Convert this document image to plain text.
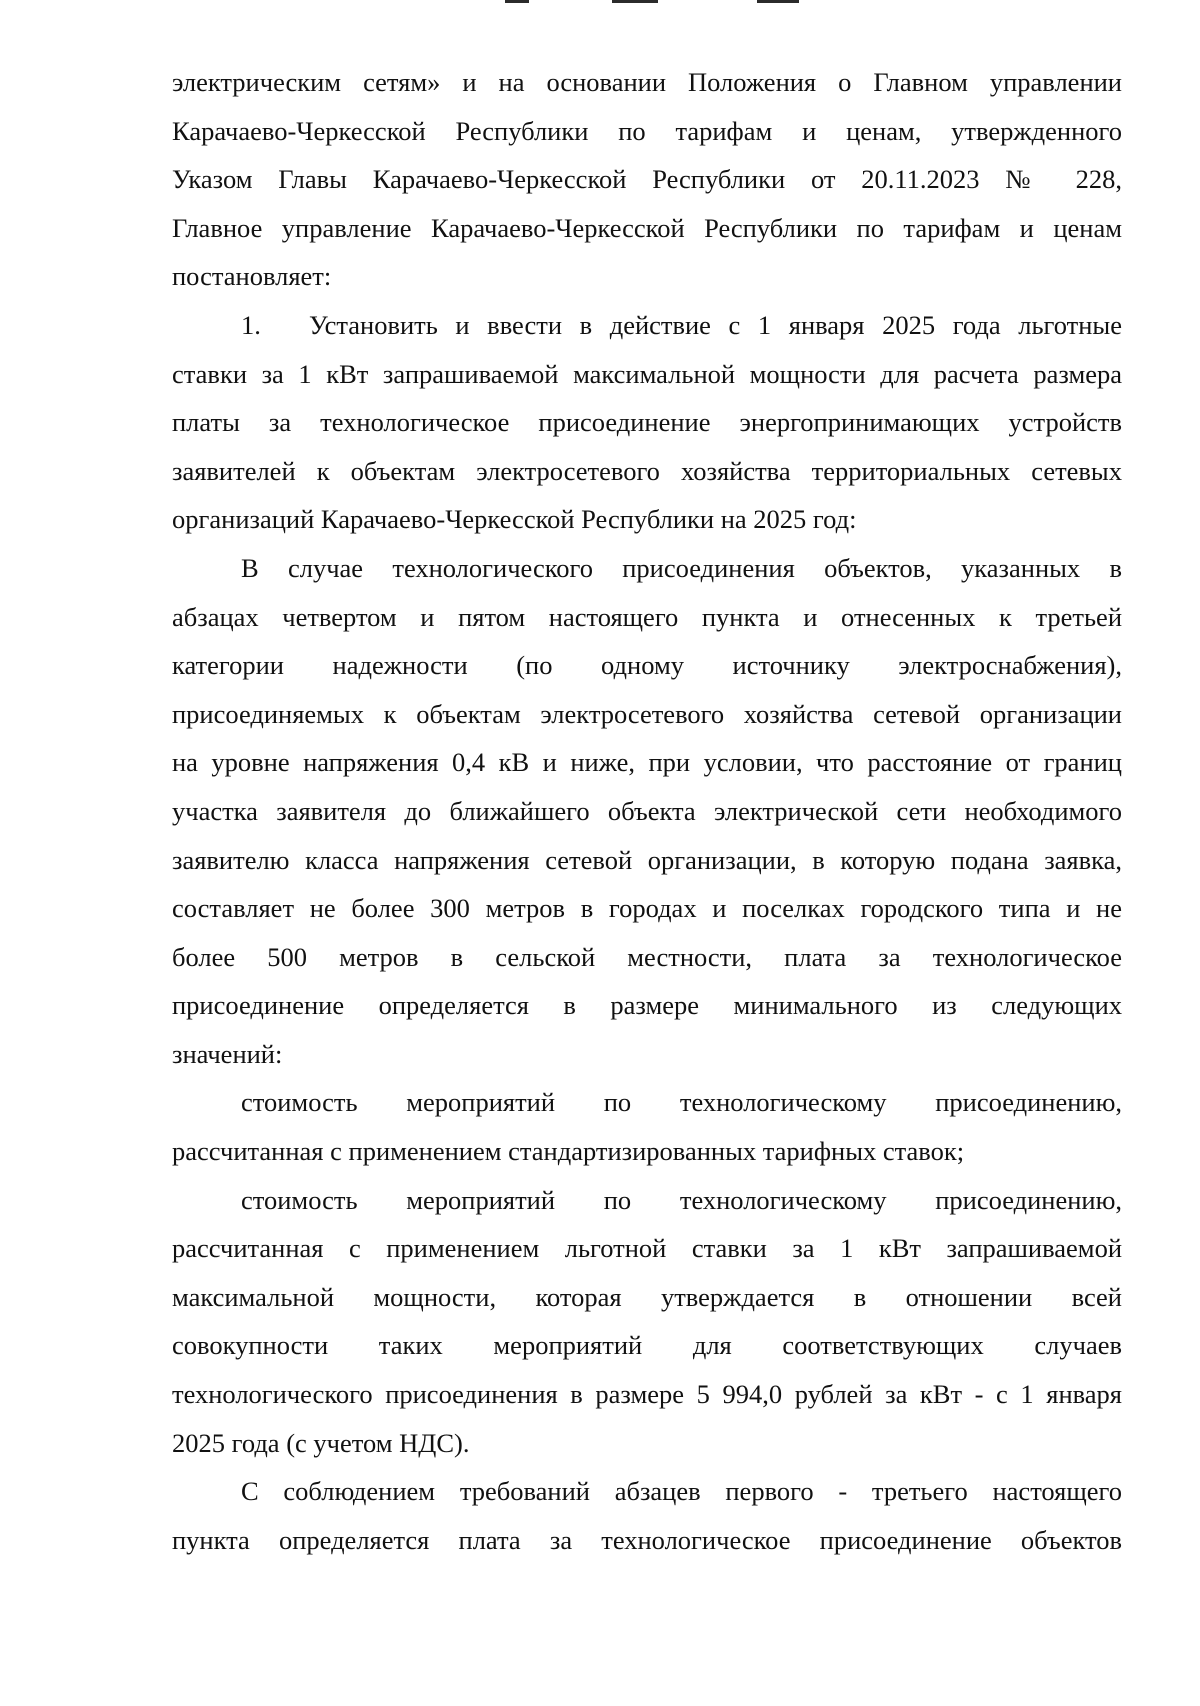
электрическим сетям» и на основании Положения о Главном управлении
Карачаево-Черкесской Республики по тарифам и ценам, утвержденного
Указом Главы Карачаево-Черкесской Республики от 20.11.2023 № 228,
Главное управление Карачаево-Черкесской Республики по тарифам и ценам
постановляет:
1. Установить и ввести в действие с 1 января 2025 года льготные
ставки за 1 кВт запрашиваемой максимальной мощности для расчета размера
платы за технологическое присоединение энергопринимающих устройств
заявителей к объектам электросетевого хозяйства территориальных сетевых
организаций Карачаево-Черкесской Республики на 2025 год:
В случае технологического присоединения объектов, указанных в
абзацах четвертом и пятом настоящего пункта и отнесенных к третьей
категории надежности (по одному источнику электроснабжения),
присоединяемых к объектам электросетевого хозяйства сетевой организации
на уровне напряжения 0,4 кВ и ниже, при условии, что расстояние от границ
участка заявителя до ближайшего объекта электрической сети необходимого
заявителю класса напряжения сетевой организации, в которую подана заявка,
составляет не более 300 метров в городах и поселках городского типа и не
более 500 метров в сельской местности, плата за технологическое
присоединение определяется в размере минимального из следующих
значений:
стоимость мероприятий по технологическому присоединению,
рассчитанная с применением стандартизированных тарифных ставок;
стоимость мероприятий по технологическому присоединению,
рассчитанная с применением льготной ставки за 1 кВт запрашиваемой
максимальной мощности, которая утверждается в отношении всей
совокупности таких мероприятий для соответствующих случаев
технологического присоединения в размере 5 994,0 рублей за кВт - с 1 января
2025 года (с учетом НДС).
С соблюдением требований абзацев первого - третьего настоящего
пункта определяется плата за технологическое присоединение объектов
